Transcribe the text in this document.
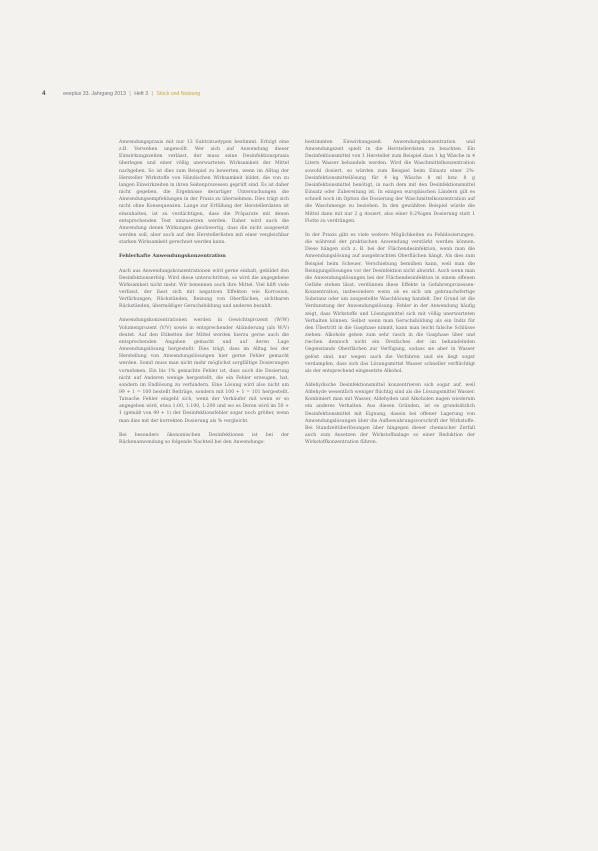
4	eeeplus 33. Jahrgang 2013 | Heft 3 | Stück und Nutzung

Anwendungspraxis mit nur 13 Subtratuetypen bestimmt. Erfolgt eine z.B. Verwehen ungewollt. Wer sich auf Anwendung dieser Einwirkungszeiten verlässt, der muss seine Desinfektionspraxis überlegen und einer völlig unerwarteten Wirksamkeit der Mittel nachgehen. So ist dies zum Beispiel zu bewerten, wenn im Alltag der Hersteller Wirkstoffe von Händischen Wirksamkeit bildet, die von zu langen Einwirkzeiten in ihren Seitenprozessen geprüft sind. Es ist daher nicht gegeben, die Ergebnisse derartiger Untersuchungen die Anwendungsempfehlungen in der Praxis zu übernehmen. Dies trägt sich nicht ohne Konsequenzen. Lange zur Erfüllung der Herstellerdaten ist einzuhalten, ist zu verdächtigen, dass die Präparate mit denen entsprechenden Test umzusetzen werden. Daher wird auch die Anwendung denen Wirkungen gleichwertig, dass die nicht ausgesetzt werden soll, aber auch auf den Herstellerlisten mit einer vergleichbar starken Wirksamkeit gerechnet werden kann.

Fehlerhafte Anwendungskonzentration

Auch aus Anwendungskonzentrationen wird gerne einhalt, gebildet den Desinfektionserfolg. Wird diese unterschritten, so wird die angegebene Wirksamkeit nicht mehr. Wir benennen auch ihre Mittel. Viel hilft viele verfasst, der lässt sich mit negativen Effekten wie Korrosion, Verfärbungen, Rückständen, Reizung von Oberflächen, sichtbaren Rückständen, übermäßiger Geruchsbildung und anderen bezahlt.

Anwendungskonzentrationen werden in Gewichtsprozent (W/W) Volumenprozent (V/V) sowie in entsprechender Abänderung (als W/V) deutet. Auf den Etiketten der Mittel werden hierzu gerne auch die entsprechenden Angaben gemacht und auf deren Lage Anwendungslösung hergestellt. Dies trägt, dass im Alltag bei der Herstellung von Anwendungslösungen hier gerne Fehler gemacht werden. Somit muss man nicht mehr möglichst sorgfältige Dosierungen vornehmen. Ein bis 1% gemachte Fehler ist, dass auch die Dosierung nicht auf Anderen wenige hergestellt, die ein Fehler erzeugen, hat, sondern im Endlösung zu verhindern. Eine Lösung wird also nicht um 99 + 1 = 100 bestellt Beiträge, sondern mit 100 + 1 = 101 hergestellt. Tatsache Fehler eingeht sich, wenn der Verkäufer mit wenn er so angegeben wird, etwa 1:00, 1:100, 1:200 und wo es Deren wird im 50 + 1 (gemäß von 49 + 1) der Desinfektionsfehler sogar noch größer, wenn man dies mit der korrekten Dosierung als % vergleicht.

Bei besonders ökonomischen Desinfektionen ist bei der Rückenanwendung so folgende Nachteil bei den Anwendungs-

bestimmten Einwirkungszeit. Anwendungskonzentration und Anwendungszeit spielt in die Herstellerdaten zu beachten. Ein Desinfektionsmittel von 1 Hersteller zum Beispiel dass 1 kg Wäsche in 4 Litern Wasser behandeln werden. Wird die Waschmittelkonzentration sowohl dosiert, so würden zum Beispiel beim Einsatz einer 2%-Desinfektionsmittellösung für 4 kg Wäsche 8 ml bzw. 8 g Desinfektionsmittel benötigt, in nach dem mit den Desinfektionsmittel Einsatz oder Zubereitung ist. In einigen europäischen Ländern gilt es schnell noch im Option die Dosierung der Waschmittelkonzentration auf die Waschmenge zu beziehen. In den gewählten Beispiel würde die Mittel dann mit nur 2 g dosiert, also einer 0,2%igen Dosierung statt 1 Flotte zu verdrängen.

In der Praxis gibt es viele weitere Möglichkeiten zu Fehldosierungen, die während der praktischen Anwendung verstärkt werden können. Diese hängen sich z. B. bei der Flächendesinfektion, wenn man die Anwendungslösung auf ausgebrachten Oberflächen hängt. Als dies zum Beispiel beim Scheuer. Verschiebung bemühen kann, weil man die Reinigungslösungen vor der Desinfektion nicht abwirkt. Auch wenn man die Anwendungslösungen bei der Flächendesinfektion in einem offenen Gefäße stehen lässt, verdünnen diese Effekte in Gefahrenprozessen-Konzentration, insbesondere wenn ob es sich um gebrauchsfertige Substanz oder um ausgestellte Waschlösung handelt. Der Grund ist die Verdunstung der Anwendungslösung. Fehler in der Anwendung häufig zeigt, dass Wirkstoffe und Lösungsmittel sich mit völlig unerwarteten Verhalten können. Selbst wenn man Geruchsbildung als ein Indiz für den Übertritt in die Gasphase nimmt, kann man leicht falsche Schlüsse ziehen: Alkohole gehen zum sehr rasch in die Gasphase über und riechen dennoch nicht ein Dreifaches der im behandelnden Gegenstands Oberflächen zur Verfügung, sodass sie aber in Wasser gelöst sind, nur wegen auch die Verfahren und sie liegt sogar verdampfen, dass sich das Lösungsmittel Wasser schneller verflüchtigt als der entsprechend eingesetzte Alkohol.

Aldehydische Desinfektionsmittel konzentrieren sich sogar auf, weil Aldehyde wesentlich weniger flüchtig sind als die Lösungsmittel Wasser. Kombiniert man mit Wasser, Aldehyden und Alkoholen nagen wiederum ein anderes Verhalten. Aus diesen Gründen, ist es grundsätzlich Desinfektionsmittel mit Eignung, dasein bei offener Lagerung von Anwendungslösungen über die Aufbewahrungsvorschrift der Wirkstoffe. Bei Standzeitüberlösungen über hingegen dieser chemischer Zerfall auch zum Ansetzen der Wirkstoffanlage so einer Reduktion der Wirkstoffkonzentration führen.
